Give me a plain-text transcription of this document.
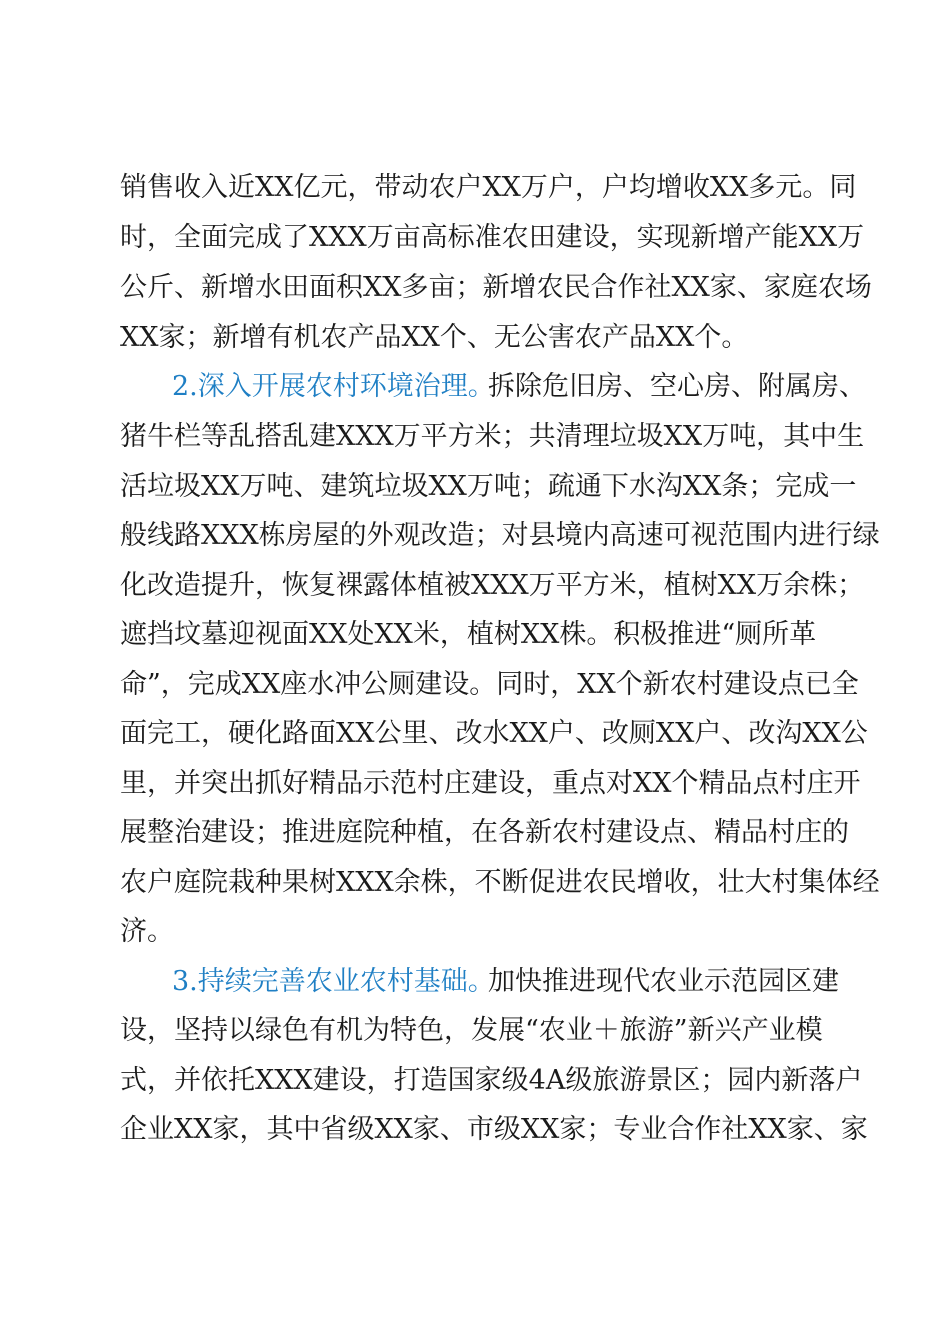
销售收入近XX亿元，带动农户XX万户，户均增收XX多元。同
时，全面完成了XXX万亩高标准农田建设，实现新增产能XX万
公斤、新增水田面积XX多亩；新增农民合作社XX家、家庭农场
XX家；新增有机农产品XX个、无公害农产品XX个。
2.深入开展农村环境治理。
拆除危旧房、空心房、附属房、
猪牛栏等乱搭乱建XXX万平方米；共清理垃圾XX万吨，其中生
活垃圾XX万吨、建筑垃圾XX万吨；疏通下水沟XX条；完成一
般线路XXX栋房屋的外观改造；对县境内高速可视范围内进行绿
化改造提升，恢复裸露体植被XXX万平方米，植树XX万余株；
遮挡坟墓迎视面XX处XX米，植树XX株。积极推进“厕所革
命”，完成XX座水冲公厕建设。同时，XX个新农村建设点已全
面完工，硬化路面XX公里、改水XX户、改厕XX户、改沟XX公
里，并突出抓好精品示范村庄建设，重点对XX个精品点村庄开
展整治建设；推进庭院种植，在各新农村建设点、精品村庄的
农户庭院栽种果树XXX余株，不断促进农民增收，壮大村集体经
济。
3.持续完善农业农村基础。
加快推进现代农业示范园区建
设，坚持以绿色有机为特色，发展“农业＋旅游”新兴产业模
式，并依托XXX建设，打造国家级4A级旅游景区；园内新落户
企业XX家，其中省级XX家、市级XX家；专业合作社XX家、家
